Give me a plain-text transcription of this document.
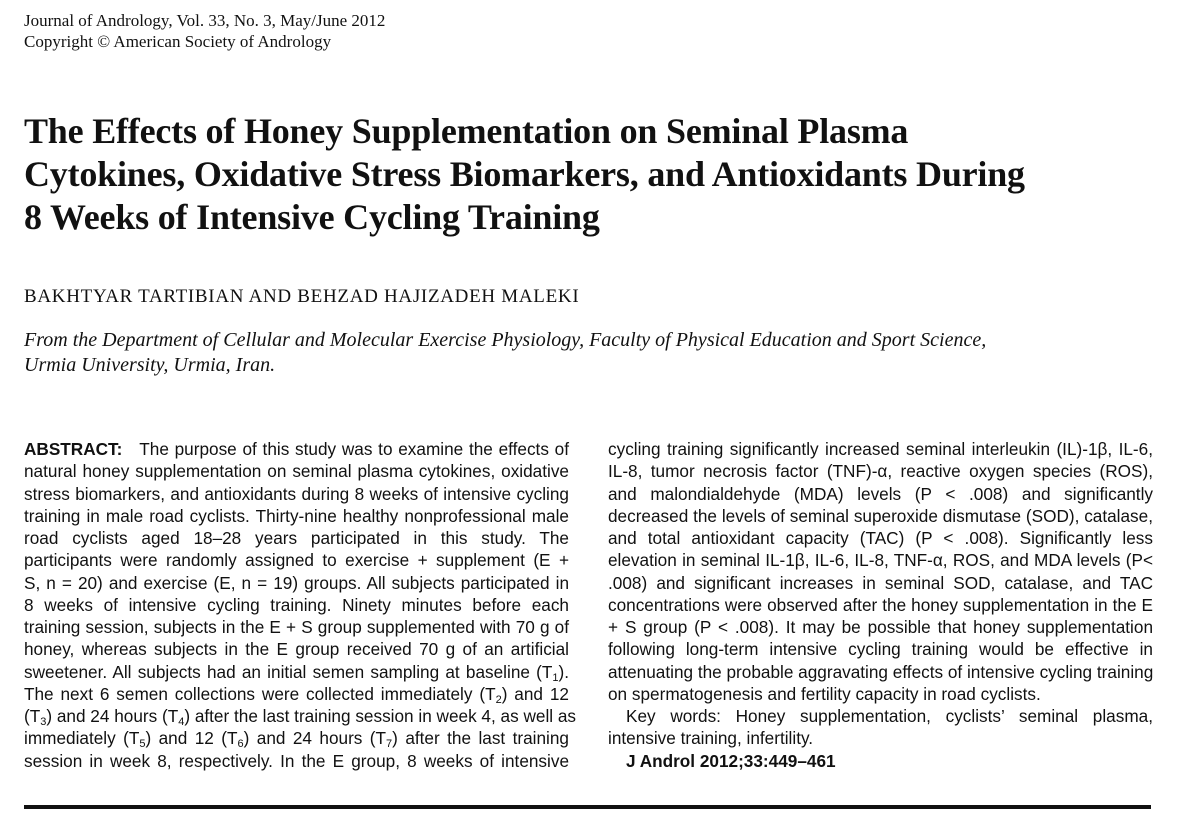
Journal of Andrology, Vol. 33, No. 3, May/June 2012
Copyright © American Society of Andrology
The Effects of Honey Supplementation on Seminal Plasma
Cytokines, Oxidative Stress Biomarkers, and Antioxidants During
8 Weeks of Intensive Cycling Training
BAKHTYAR TARTIBIAN AND BEHZAD HAJIZADEH MALEKI
From the Department of Cellular and Molecular Exercise Physiology, Faculty of Physical Education and Sport Science,
Urmia University, Urmia, Iran.
ABSTRACT: The purpose of this study was to examine the effects of
natural honey supplementation on seminal plasma cytokines, oxidative
stress biomarkers, and antioxidants during 8 weeks of intensive cycling
training in male road cyclists. Thirty-nine healthy nonprofessional male
road cyclists aged 18–28 years participated in this study. The
participants were randomly assigned to exercise + supplement (E +
S, n = 20) and exercise (E, n = 19) groups. All subjects participated in
8 weeks of intensive cycling training. Ninety minutes before each
training session, subjects in the E + S group supplemented with 70 g of
honey, whereas subjects in the E group received 70 g of an artificial
sweetener. All subjects had an initial semen sampling at baseline $(T_1)$.
The next 6 semen collections were collected immediately $(T_2)$ and 12
$(T_3)$ and 24 hours $(T_4)$ after the last training session in week 4, as well as
immediately $(T_5)$ and 12 $(T_6)$ and 24 hours $(T_7)$ after the last training
session in week 8, respectively. In the E group, 8 weeks of intensive
cycling training significantly increased seminal interleukin (IL)-1β, IL-6,
IL-8, tumor necrosis factor (TNF)-α, reactive oxygen species (ROS),
and malondialdehyde (MDA) levels (P < .008) and significantly
decreased the levels of seminal superoxide dismutase (SOD), catalase,
and total antioxidant capacity (TAC) (P < .008). Significantly less
elevation in seminal IL-1β, IL-6, IL-8, TNF-α, ROS, and MDA levels (P<
.008) and significant increases in seminal SOD, catalase, and TAC
concentrations were observed after the honey supplementation in the E
+ S group (P < .008). It may be possible that honey supplementation
following long-term intensive cycling training would be effective in
attenuating the probable aggravating effects of intensive cycling training
on spermatogenesis and fertility capacity in road cyclists.
Key words: Honey supplementation, cyclists’ seminal plasma,
intensive training, infertility.
J Androl 2012;33:449–461
